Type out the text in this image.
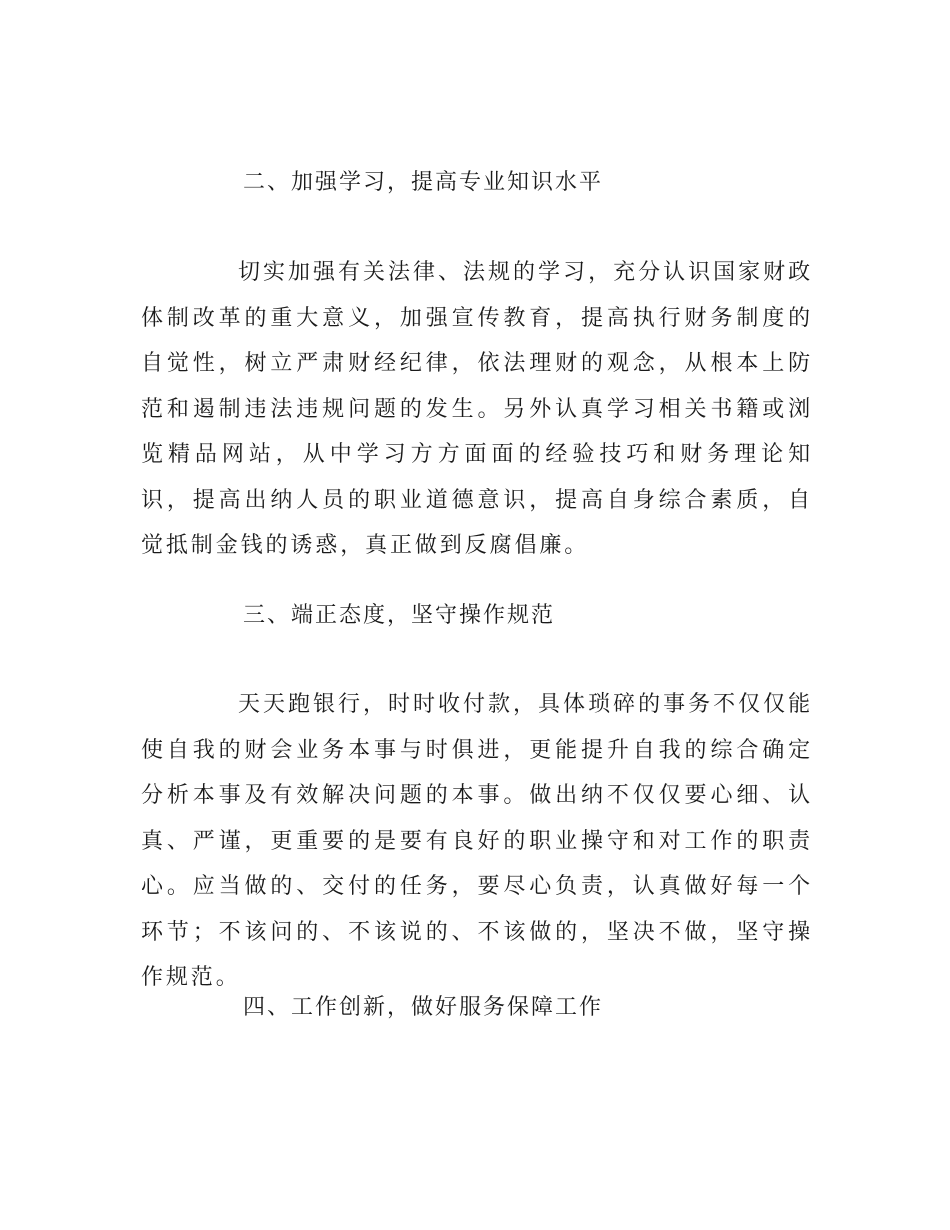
二、加强学习，提高专业知识水平

切实加强有关法律、法规的学习，充分认识国家财政体制改革的重大意义，加强宣传教育，提高执行财务制度的自觉性，树立严肃财经纪律，依法理财的观念，从根本上防范和遏制违法违规问题的发生。另外认真学习相关书籍或浏览精品网站，从中学习方方面面的经验技巧和财务理论知识，提高出纳人员的职业道德意识，提高自身综合素质，自觉抵制金钱的诱惑，真正做到反腐倡廉。

三、端正态度，坚守操作规范

天天跑银行，时时收付款，具体琐碎的事务不仅仅能使自我的财会业务本事与时俱进，更能提升自我的综合确定分析本事及有效解决问题的本事。做出纳不仅仅要心细、认真、严谨，更重要的是要有良好的职业操守和对工作的职责心。应当做的、交付的任务，要尽心负责，认真做好每一个环节；不该问的、不该说的、不该做的，坚决不做，坚守操作规范。

四、工作创新，做好服务保障工作
